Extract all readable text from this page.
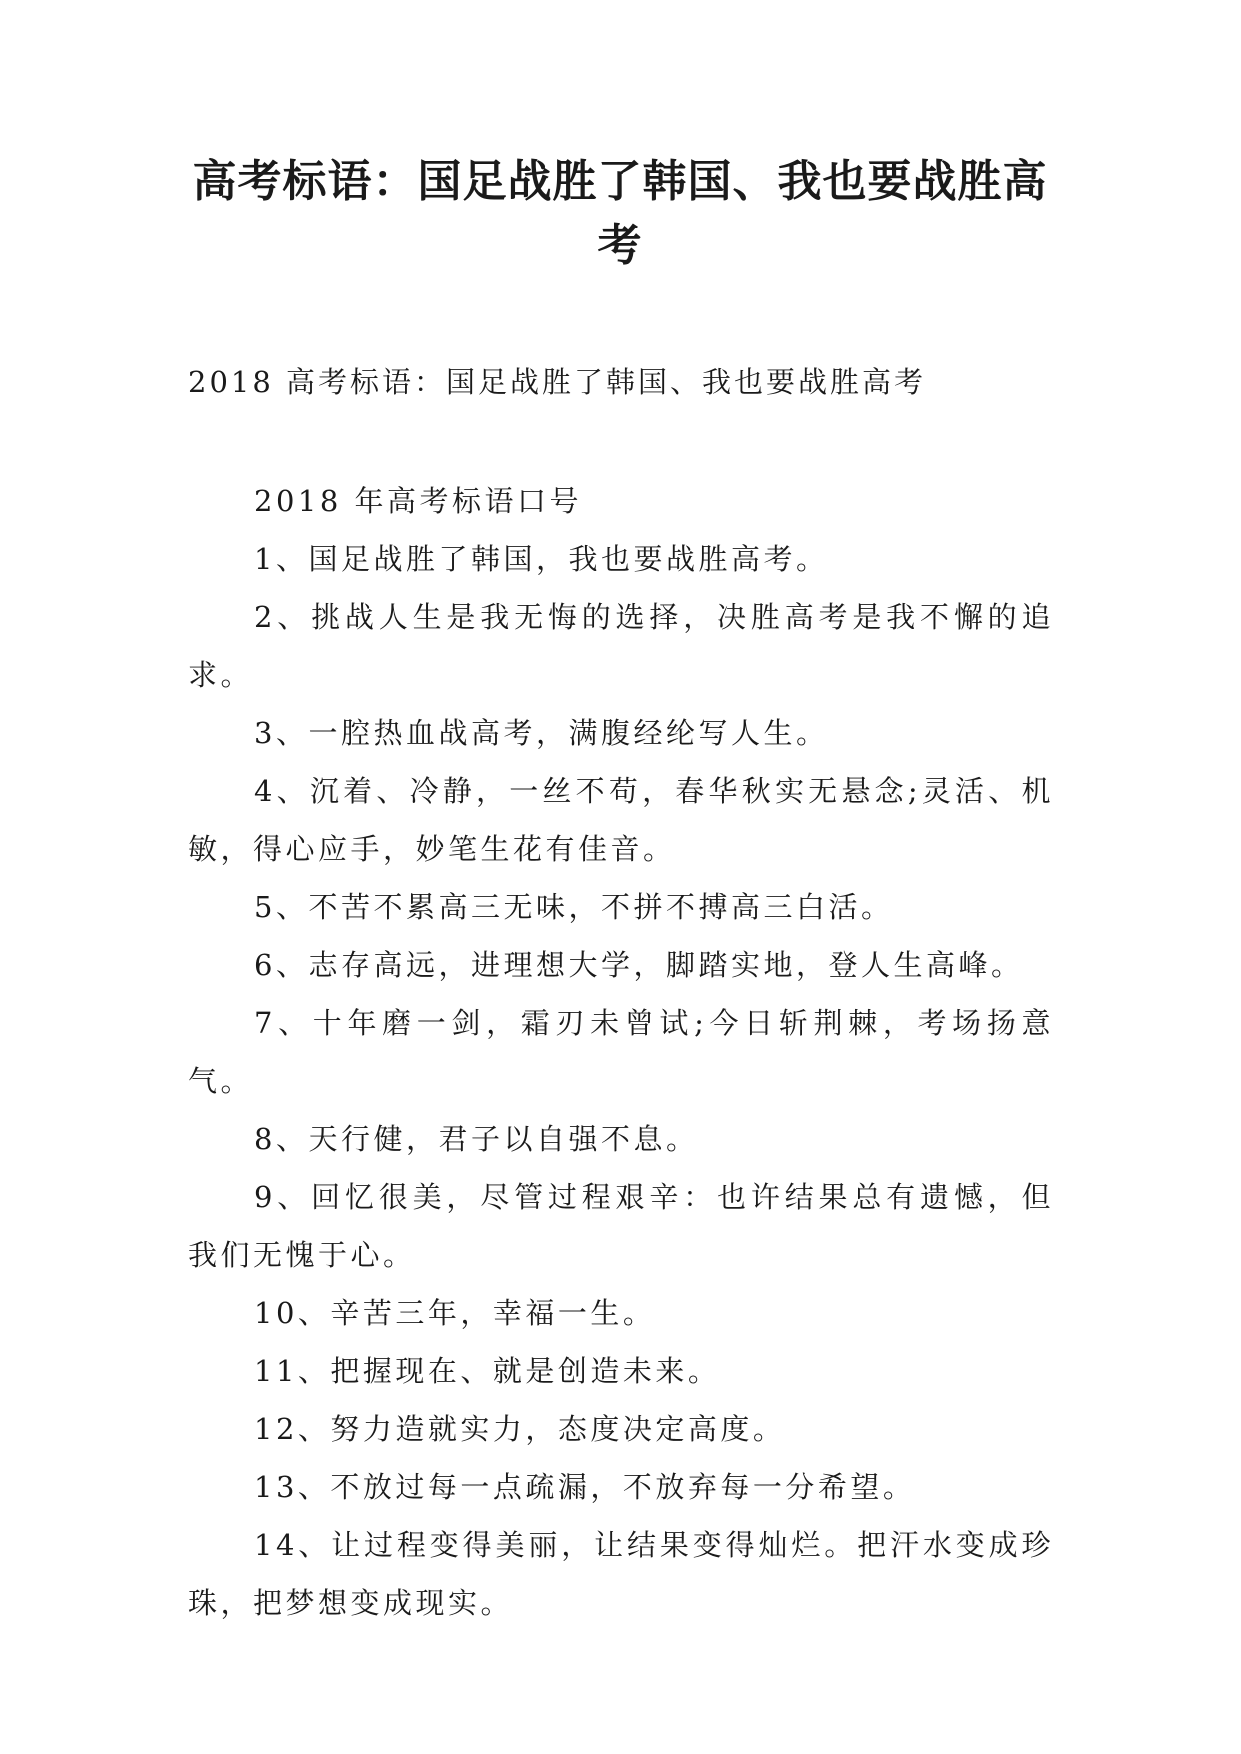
高考标语：国足战胜了韩国、我也要战胜高考

2018 高考标语：国足战胜了韩国、我也要战胜高考

2018 年高考标语口号

1、国足战胜了韩国，我也要战胜高考。

2、挑战人生是我无悔的选择，决胜高考是我不懈的追求。

3、一腔热血战高考，满腹经纶写人生。

4、沉着、冷静，一丝不苟，春华秋实无悬念;灵活、机敏，得心应手，妙笔生花有佳音。

5、不苦不累高三无味，不拼不搏高三白活。

6、志存高远，进理想大学，脚踏实地，登人生高峰。

7、十年磨一剑，霜刃未曾试;今日斩荆棘，考场扬意气。

8、天行健，君子以自强不息。

9、回忆很美，尽管过程艰辛：也许结果总有遗憾，但我们无愧于心。

10、辛苦三年，幸福一生。

11、把握现在、就是创造未来。

12、努力造就实力，态度决定高度。

13、不放过每一点疏漏，不放弃每一分希望。

14、让过程变得美丽，让结果变得灿烂。把汗水变成珍珠，把梦想变成现实。
